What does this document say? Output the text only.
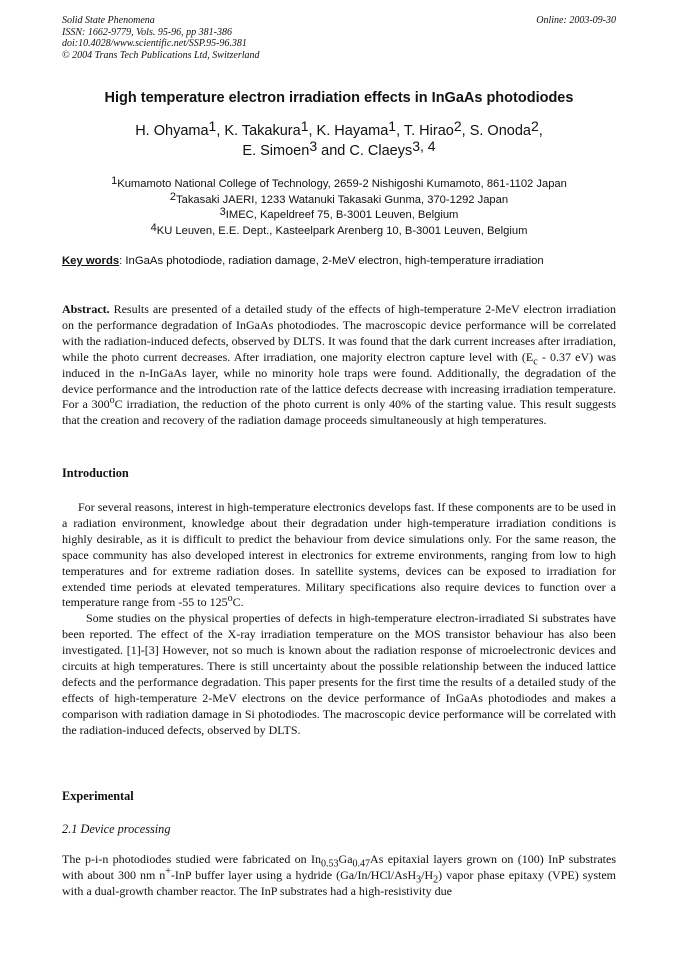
Solid State Phenomena
ISSN: 1662-9779, Vols. 95-96, pp 381-386
doi:10.4028/www.scientific.net/SSP.95-96.381
© 2004 Trans Tech Publications Ltd, Switzerland
Online: 2003-09-30
High temperature electron irradiation effects in InGaAs photodiodes
H. Ohyama$^1$, K. Takakura$^1$, K. Hayama$^1$, T. Hirao$^2$, S. Onoda$^2$,
E. Simoen$^3$ and C. Claeys$^{3, 4}$
$^1$Kumamoto National College of Technology, 2659-2 Nishigoshi Kumamoto, 861-1102 Japan
$^2$Takasaki JAERI, 1233 Watanuki Takasaki Gunma, 370-1292 Japan
$^3$IMEC, Kapeldreef 75, B-3001 Leuven, Belgium
$^4$KU Leuven, E.E. Dept., Kasteelpark Arenberg 10, B-3001 Leuven, Belgium
Key words: InGaAs photodiode, radiation damage, 2-MeV electron, high-temperature irradiation
Abstract. Results are presented of a detailed study of the effects of high-temperature 2-MeV electron irradiation on the performance degradation of InGaAs photodiodes. The macroscopic device performance will be correlated with the radiation-induced defects, observed by DLTS. It was found that the dark current increases after irradiation, while the photo current decreases. After irradiation, one majority electron capture level with ($E_c - 0.37$ eV) was induced in the n-InGaAs layer, while no minority hole traps were found. Additionally, the degradation of the device performance and the introduction rate of the lattice defects decrease with increasing irradiation temperature. For a 300$^o$C irradiation, the reduction of the photo current is only 40% of the starting value. This result suggests that the creation and recovery of the radiation damage proceeds simultaneously at high temperatures.
Introduction

For several reasons, interest in high-temperature electronics develops fast. If these components are to be used in a radiation environment, knowledge about their degradation under high-temperature irradiation conditions is highly desirable, as it is difficult to predict the behaviour from device simulations only. For the same reason, the space community has also developed interest in electronics for extreme environments, ranging from low to high temperatures and for extreme radiation doses. In satellite systems, devices can be exposed to irradiation for extended time periods at elevated temperatures. Military specifications also require devices to function over a temperature range from -55 to 125$^o$C.

Some studies on the physical properties of defects in high-temperature electron-irradiated Si substrates have been reported. The effect of the X-ray irradiation temperature on the MOS transistor behaviour has also been investigated. [1]-[3] However, not so much is known about the radiation response of microelectronic devices and circuits at high temperatures. There is still uncertainty about the possible relationship between the induced lattice defects and the performance degradation. This paper presents for the first time the results of a detailed study of the effects of high-temperature 2-MeV electrons on the device performance of InGaAs photodiodes and makes a comparison with radiation damage in Si photodiodes. The macroscopic device performance will be correlated with the radiation-induced defects, observed by DLTS.

Experimental
2.1 Device processing
The p-i-n photodiodes studied were fabricated on $In_{0.53}Ga_{0.47}As$ epitaxial layers grown on (100) InP substrates with about 300 nm n+-InP buffer layer using a hydride $(Ga/In/HCl/AsH_3/H_2)$ vapor phase epitaxy (VPE) system with a dual-growth chamber reactor. The InP substrates had a high-resistivity due
